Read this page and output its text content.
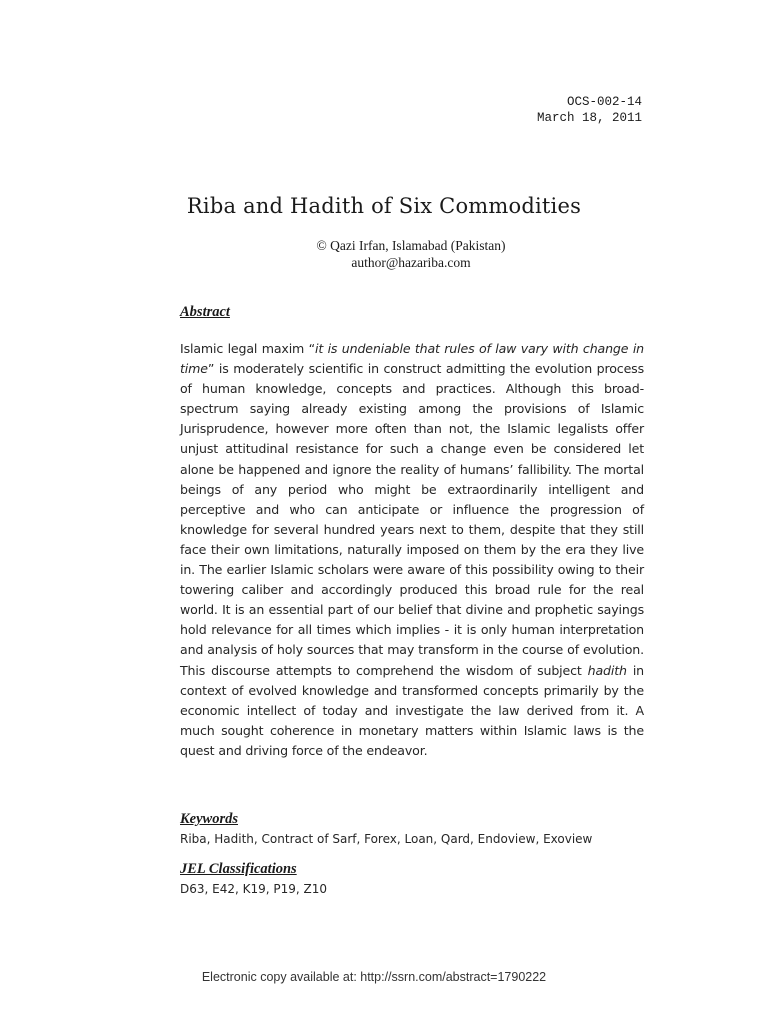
OCS-002-14
March 18, 2011
Riba and Hadith of Six Commodities
© Qazi Irfan, Islamabad (Pakistan)
author@hazariba.com
Abstract

Islamic legal maxim “it is undeniable that rules of law vary with change in time” is moderately scientific in construct admitting the evolution process of human knowledge, concepts and practices. Although this broad-spectrum saying already existing among the provisions of Islamic Jurisprudence, however more often than not, the Islamic legalists offer unjust attitudinal resistance for such a change even be considered let alone be happened and ignore the reality of humans’ fallibility. The mortal beings of any period who might be extraordinarily intelligent and perceptive and who can anticipate or influence the progression of knowledge for several hundred years next to them, despite that they still face their own limitations, naturally imposed on them by the era they live in. The earlier Islamic scholars were aware of this possibility owing to their towering caliber and accordingly produced this broad rule for the real world. It is an essential part of our belief that divine and prophetic sayings hold relevance for all times which implies - it is only human interpretation and analysis of holy sources that may transform in the course of evolution. This discourse attempts to comprehend the wisdom of subject hadith in context of evolved knowledge and transformed concepts primarily by the economic intellect of today and investigate the law derived from it. A much sought coherence in monetary matters within Islamic laws is the quest and driving force of the endeavor.

Keywords
Riba, Hadith, Contract of Sarf, Forex, Loan, Qard, Endoview, Exoview
JEL Classifications
D63, E42, K19, P19, Z10
Electronic copy available at: http://ssrn.com/abstract=1790222
